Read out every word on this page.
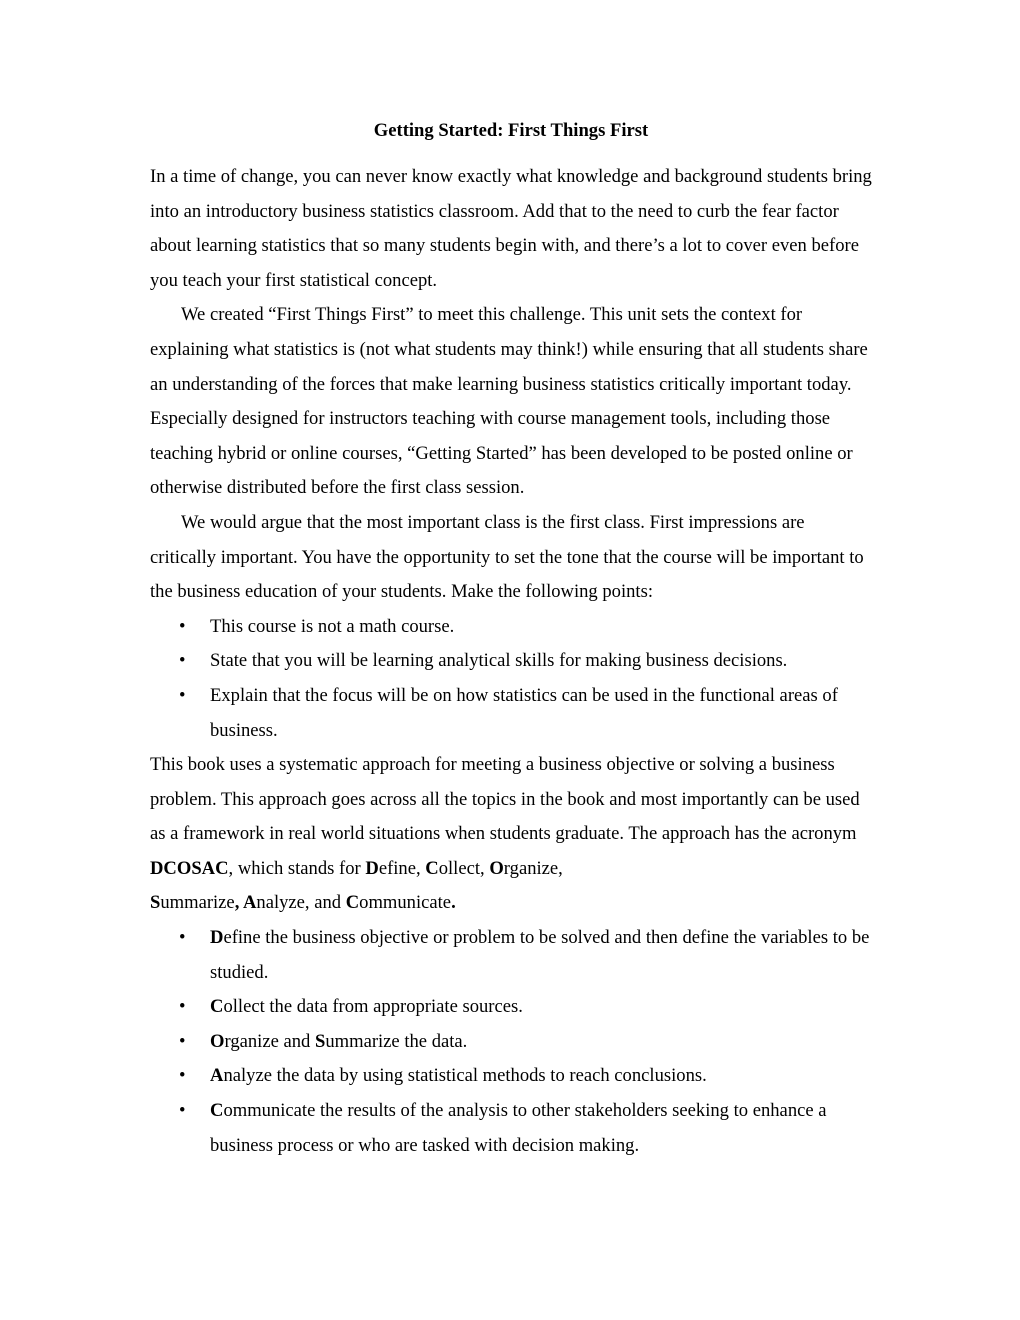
Getting Started: First Things First

In a time of change, you can never know exactly what knowledge and background students bring into an introductory business statistics classroom. Add that to the need to curb the fear factor about learning statistics that so many students begin with, and there’s a lot to cover even before you teach your first statistical concept.

We created “First Things First” to meet this challenge. This unit sets the context for explaining what statistics is (not what students may think!) while ensuring that all students share an understanding of the forces that make learning business statistics critically important today. Especially designed for instructors teaching with course management tools, including those teaching hybrid or online courses, “Getting Started” has been developed to be posted online or otherwise distributed before the first class session.

We would argue that the most important class is the first class. First impressions are critically important. You have the opportunity to set the tone that the course will be important to the business education of your students. Make the following points:

• This course is not a math course.
• State that you will be learning analytical skills for making business decisions.
• Explain that the focus will be on how statistics can be used in the functional areas of business.

This book uses a systematic approach for meeting a business objective or solving a business problem. This approach goes across all the topics in the book and most importantly can be used as a framework in real world situations when students graduate. The approach has the acronym DCOSAC, which stands for Define, Collect, Organize,
Summarize, Analyze, and Communicate.

• Define the business objective or problem to be solved and then define the variables to be studied.
• Collect the data from appropriate sources.
• Organize and Summarize the data.
• Analyze the data by using statistical methods to reach conclusions.
• Communicate the results of the analysis to other stakeholders seeking to enhance a business process or who are tasked with decision making.
